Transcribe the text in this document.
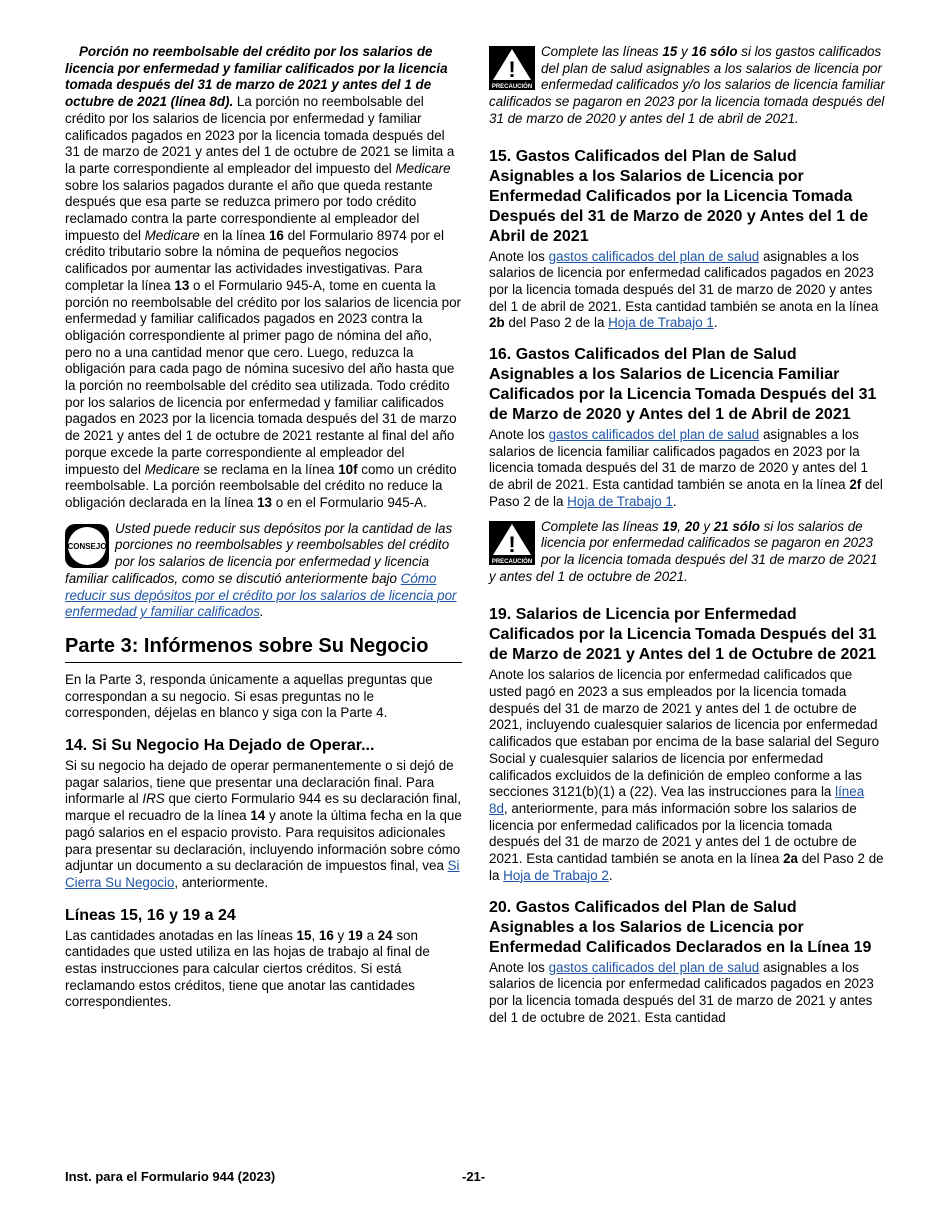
Porción no reembolsable del crédito por los salarios de licencia por enfermedad y familiar calificados por la licencia tomada después del 31 de marzo de 2021 y antes del 1 de octubre de 2021 (línea 8d). La porción no reembolsable del crédito por los salarios de licencia por enfermedad y familiar calificados pagados en 2023 por la licencia tomada después del 31 de marzo de 2021 y antes del 1 de octubre de 2021 se limita a la parte correspondiente al empleador del impuesto del Medicare sobre los salarios pagados durante el año que queda restante después que esa parte se reduzca primero por todo crédito reclamado contra la parte correspondiente al empleador del impuesto del Medicare en la línea 16 del Formulario 8974 por el crédito tributario sobre la nómina de pequeños negocios calificados por aumentar las actividades investigativas. Para completar la línea 13 o el Formulario 945-A, tome en cuenta la porción no reembolsable del crédito por los salarios de licencia por enfermedad y familiar calificados pagados en 2023 contra la obligación correspondiente al primer pago de nómina del año, pero no a una cantidad menor que cero. Luego, reduzca la obligación para cada pago de nómina sucesivo del año hasta que la porción no reembolsable del crédito sea utilizada. Todo crédito por los salarios de licencia por enfermedad y familiar calificados pagados en 2023 por la licencia tomada después del 31 de marzo de 2021 y antes del 1 de octubre de 2021 restante al final del año porque excede la parte correspondiente al empleador del impuesto del Medicare se reclama en la línea 10f como un crédito reembolsable. La porción reembolsable del crédito no reduce la obligación declarada en la línea 13 o en el Formulario 945-A.

CONSEJO

Usted puede reducir sus depósitos por la cantidad de las porciones no reembolsables y reembolsables del crédito por los salarios de licencia por enfermedad y licencia familiar calificados, como se discutió anteriormente bajo Cómo reducir sus depósitos por el crédito por los salarios de licencia por enfermedad y familiar calificados.

Parte 3: Infórmenos sobre Su Negocio

En la Parte 3, responda únicamente a aquellas preguntas que correspondan a su negocio. Si esas preguntas no le corresponden, déjelas en blanco y siga con la Parte 4.

14. Si Su Negocio Ha Dejado de Operar...

Si su negocio ha dejado de operar permanentemente o si dejó de pagar salarios, tiene que presentar una declaración final. Para informarle al IRS que cierto Formulario 944 es su declaración final, marque el recuadro de la línea 14 y anote la última fecha en la que pagó salarios en el espacio provisto. Para requisitos adicionales para presentar su declaración, incluyendo información sobre cómo adjuntar un documento a su declaración de impuestos final, vea Si Cierra Su Negocio, anteriormente.

Líneas 15, 16 y 19 a 24

Las cantidades anotadas en las líneas 15, 16 y 19 a 24 son cantidades que usted utiliza en las hojas de trabajo al final de estas instrucciones para calcular ciertos créditos. Si está reclamando estos créditos, tiene que anotar las cantidades correspondientes.

!
PRECAUCIÓN

Complete las líneas 15 y 16 sólo si los gastos calificados del plan de salud asignables a los salarios de licencia por enfermedad calificados y/o los salarios de licencia familiar calificados se pagaron en 2023 por la licencia tomada después del 31 de marzo de 2020 y antes del 1 de abril de 2021.

15. Gastos Calificados del Plan de Salud Asignables a los Salarios de Licencia por Enfermedad Calificados por la Licencia Tomada Después del 31 de Marzo de 2020 y Antes del 1 de Abril de 2021

Anote los gastos calificados del plan de salud asignables a los salarios de licencia por enfermedad calificados pagados en 2023 por la licencia tomada después del 31 de marzo de 2020 y antes del 1 de abril de 2021. Esta cantidad también se anota en la línea 2b del Paso 2 de la Hoja de Trabajo 1.

16. Gastos Calificados del Plan de Salud Asignables a los Salarios de Licencia Familiar Calificados por la Licencia Tomada Después del 31 de Marzo de 2020 y Antes del 1 de Abril de 2021

Anote los gastos calificados del plan de salud asignables a los salarios de licencia familiar calificados pagados en 2023 por la licencia tomada después del 31 de marzo de 2020 y antes del 1 de abril de 2021. Esta cantidad también se anota en la línea 2f del Paso 2 de la Hoja de Trabajo 1.

!
PRECAUCIÓN

Complete las líneas 19, 20 y 21 sólo si los salarios de licencia por enfermedad calificados se pagaron en 2023 por la licencia tomada después del 31 de marzo de 2021 y antes del 1 de octubre de 2021.

19. Salarios de Licencia por Enfermedad Calificados por la Licencia Tomada Después del 31 de Marzo de 2021 y Antes del 1 de Octubre de 2021

Anote los salarios de licencia por enfermedad calificados que usted pagó en 2023 a sus empleados por la licencia tomada después del 31 de marzo de 2021 y antes del 1 de octubre de 2021, incluyendo cualesquier salarios de licencia por enfermedad calificados que estaban por encima de la base salarial del Seguro Social y cualesquier salarios de licencia por enfermedad calificados excluidos de la definición de empleo conforme a las secciones 3121(b)(1) a (22). Vea las instrucciones para la línea 8d, anteriormente, para más información sobre los salarios de licencia por enfermedad calificados por la licencia tomada después del 31 de marzo de 2021 y antes del 1 de octubre de 2021. Esta cantidad también se anota en la línea 2a del Paso 2 de la Hoja de Trabajo 2.

20. Gastos Calificados del Plan de Salud Asignables a los Salarios de Licencia por Enfermedad Calificados Declarados en la Línea 19

Anote los gastos calificados del plan de salud asignables a los salarios de licencia por enfermedad calificados pagados en 2023 por la licencia tomada después del 31 de marzo de 2021 y antes del 1 de octubre de 2021. Esta cantidad

Inst. para el Formulario 944 (2023)	-21-
